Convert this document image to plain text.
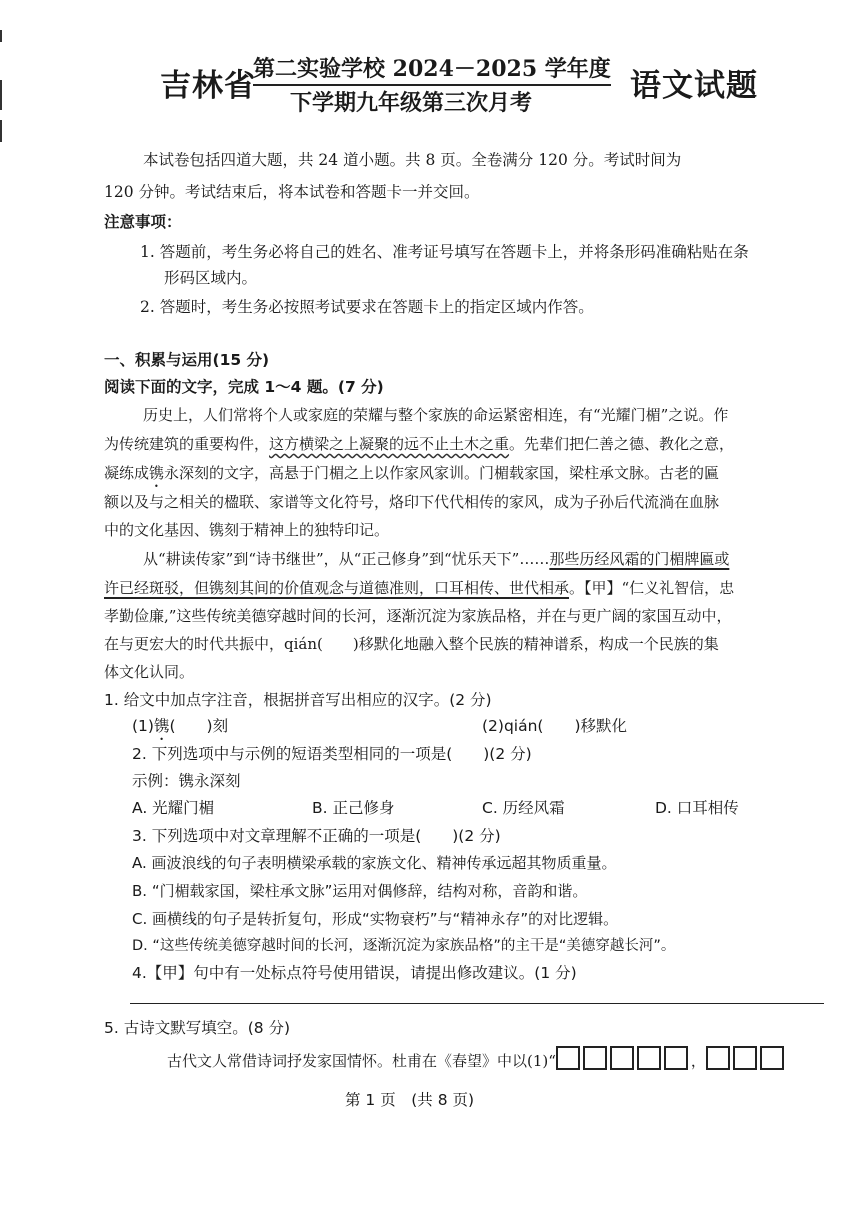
吉林省
第二实验学校 2024－2025 学年度
下学期九年级第三次月考	语文试题
本试卷包括四道大题，共 24 道小题。共 8 页。全卷满分 120 分。考试时间为
120 分钟。考试结束后，将本试卷和答题卡一并交回。
注意事项：
1. 答题前，考生务必将自己的姓名、准考证号填写在答题卡上，并将条形码准确粘贴在条
形码区域内。
2. 答题时，考生务必按照考试要求在答题卡上的指定区域内作答。
一、积累与运用(15 分)
阅读下面的文字，完成 1～4 题。(7 分)
历史上，人们常将个人或家庭的荣耀与整个家族的命运紧密相连，有“光耀门楣”之说。作
为传统建筑的重要构件，这方横梁之上凝聚的远不止土木之重。先辈们把仁善之德、教化之意，
凝练成镌永深刻的文字，高悬于门楣之上以作家风家训。门楣载家国，梁柱承文脉。古老的匾
额以及与之相关的楹联、家谱等文化符号，烙印下代代相传的家风，成为子孙后代流淌在血脉
中的文化基因、镌刻于精神上的独特印记。
从“耕读传家”到“诗书继世”，从“正己修身”到“忧乐天下”……那些历经风霜的门楣牌匾或
许已经斑驳，但镌刻其间的价值观念与道德准则，口耳相传、世代相承。【甲】“仁义礼智信，忠
孝勤俭廉,”这些传统美德穿越时间的长河，逐渐沉淀为家族品格，并在与更广阔的家国互动中，
在与更宏大的时代共振中，qián(　　)移默化地融入整个民族的精神谱系，构成一个民族的集
体文化认同。
1. 给文中加点字注音，根据拼音写出相应的汉字。(2 分)
(1)镌(　　)刻	(2)qián(　　)移默化
2. 下列选项中与示例的短语类型相同的一项是(　　)(2 分)
示例：镌永深刻
A. 光耀门楣	B. 正己修身	C. 历经风霜	D. 口耳相传
3. 下列选项中对文章理解不正确的一项是(　　)(2 分)
A. 画波浪线的句子表明横梁承载的家族文化、精神传承远超其物质重量。
B. “门楣载家国，梁柱承文脉”运用对偶修辞，结构对称，音韵和谐。
C. 画横线的句子是转折复句，形成“实物衰朽”与“精神永存”的对比逻辑。
D. “这些传统美德穿越时间的长河，逐渐沉淀为家族品格”的主干是“美德穿越长河”。
4.【甲】句中有一处标点符号使用错误，请提出修改建议。(1 分)
5. 古诗文默写填空。(8 分)
古代文人常借诗词抒发家国情怀。杜甫在《春望》中以(1)“	，
第 1 页　(共 8 页)
